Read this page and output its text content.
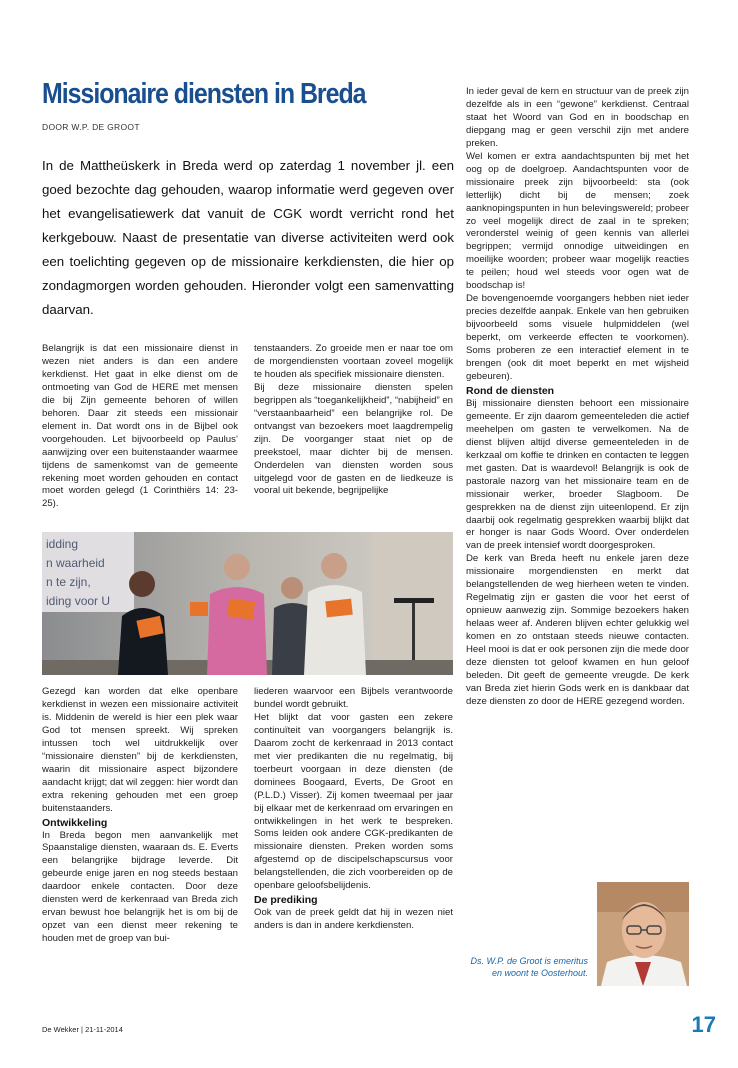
Missionaire diensten in Breda
DOOR W.P. DE GROOT

In de Mattheüskerk in Breda werd op zaterdag 1 november jl. een goed bezochte dag gehouden, waarop informatie werd gegeven over het evangelisatiewerk dat vanuit de CGK wordt verricht rond het kerkgebouw. Naast de presentatie van diverse activiteiten werd ook een toelichting gegeven op de missionaire kerkdiensten, die hier op zondagmorgen worden gehouden. Hieronder volgt een samenvatting daarvan.

Belangrijk is dat een missionaire dienst in wezen niet anders is dan een andere kerkdienst. Het gaat in elke dienst om de ontmoeting van God de HERE met mensen die bij Zijn gemeente behoren of willen behoren. Daar zit steeds een missionair element in. Dat wordt ons in de Bijbel ook voorgehouden. Let bijvoorbeeld op Paulus’ aanwijzing over een buitenstaander waarmee tijdens de samenkomst van de gemeente rekening moet worden gehouden en contact moet worden gelegd (1 Corinthiërs 14: 23-25).

tenstaanders. Zo groeide men er naar toe om de morgendiensten voortaan zoveel mogelijk te houden als specifiek missionaire diensten.

Bij deze missionaire diensten spelen begrippen als “toegankelijkheid”, “nabijheid” en “verstaanbaarheid” een belangrijke rol. De ontvangst van bezoekers moet laagdrempelig zijn. De voorganger staat niet op de preekstoel, maar dichter bij de mensen. Onderdelen van diensten worden sous uitgelegd voor de gasten en de liedkeuze is vooral uit bekende, begrijpelijke

idding
n waarheid
n te zijn,
iding voor U

Gezegd kan worden dat elke openbare kerkdienst in wezen een missionaire activiteit is. Middenin de wereld is hier een plek waar God tot mensen spreekt. Wij spreken intussen toch wel uitdrukkelijk over “missionaire diensten” bij de kerkdiensten, waarin dit missionaire aspect bijzondere aandacht krijgt; dat wil zeggen: hier wordt dan extra rekening gehouden met een groep buitenstaanders.

Ontwikkeling

In Breda begon men aanvankelijk met Spaanstalige diensten, waaraan ds. E. Everts een belangrijke bijdrage leverde. Dit gebeurde enige jaren en nog steeds bestaan daardoor enkele contacten. Door deze diensten werd de kerkenraad van Breda zich ervan bewust hoe belangrijk het is om bij de opzet van een dienst meer rekening te houden met de groep van bui-

liederen waarvoor een Bijbels verantwoorde bundel wordt gebruikt.

Het blijkt dat voor gasten een zekere continuïteit van voorgangers belangrijk is. Daarom zocht de kerkenraad in 2013 contact met vier predikanten die nu regelmatig, bij toerbeurt voorgaan in deze diensten (de dominees Boogaard, Everts, De Groot en (P.L.D.) Visser). Zij komen tweemaal per jaar bij elkaar met de kerkenraad om ervaringen en ontwikkelingen in het werk te bespreken. Soms leiden ook andere CGK-predikanten de missionaire diensten. Preken worden soms afgestemd op de discipelschapscursus voor belangstellenden, die zich voorbereiden op de openbare geloofsbelijdenis.

De prediking

Ook van de preek geldt dat hij in wezen niet anders is dan in andere kerkdiensten.

In ieder geval de kern en structuur van de preek zijn dezelfde als in een “gewone” kerkdienst. Centraal staat het Woord van God en in boodschap en diepgang mag er geen verschil zijn met andere preken.

Wel komen er extra aandachtspunten bij met het oog op de doelgroep. Aandachtspunten voor de missionaire preek zijn bijvoorbeeld: sta (ook letterlijk) dicht bij de mensen; zoek aanknopingspunten in hun belevingswereld; probeer zo veel mogelijk direct de zaal in te spreken; veronderstel weinig of geen kennis van allerlei begrippen; vermijd onnodige uitweidingen en moeilijke woorden; probeer waar mogelijk reacties te peilen; houd wel steeds voor ogen wat de boodschap is!

De bovengenoemde voorgangers hebben niet ieder precies dezelfde aanpak. Enkele van hen gebruiken bijvoorbeeld soms visuele hulpmiddelen (wel beperkt, om verkeerde effecten te voorkomen). Soms proberen ze een interactief element in te brengen (ook dit moet beperkt en met wijsheid gebeuren).

Rond de diensten

Bij missionaire diensten behoort een missionaire gemeente. Er zijn daarom gemeenteleden die actief meehelpen om gasten te verwelkomen. Na de dienst blijven altijd diverse gemeenteleden in de kerkzaal om koffie te drinken en contacten te leggen met gasten. Dat is waardevol! Belangrijk is ook de pastorale nazorg van het missionaire team en de missionair werker, broeder Slagboom. De gesprekken na de dienst zijn uiteenlopend. Er zijn daarbij ook regelmatig gesprekken waarbij blijkt dat er honger is naar Gods Woord. Over onderdelen van de preek intensief wordt doorgesproken.

De kerk van Breda heeft nu enkele jaren deze missionaire morgendiensten en merkt dat belangstellenden de weg hierheen weten te vinden. Regelmatig zijn er gasten die voor het eerst of opnieuw aanwezig zijn. Sommige bezoekers haken helaas weer af. Anderen blijven echter gelukkig wel komen en zo ontstaan steeds nieuwe contacten. Heel mooi is dat er ook personen zijn die mede door deze diensten tot geloof kwamen en hun geloof beleden. Dit geeft de gemeente vreugde. De kerk van Breda ziet hierin Gods werk en is dankbaar dat deze diensten zo door de HERE gezegend worden.

Ds. W.P. de Groot is emeritus en woont te Oosterhout.

De Wekker | 21-11-2014	17
